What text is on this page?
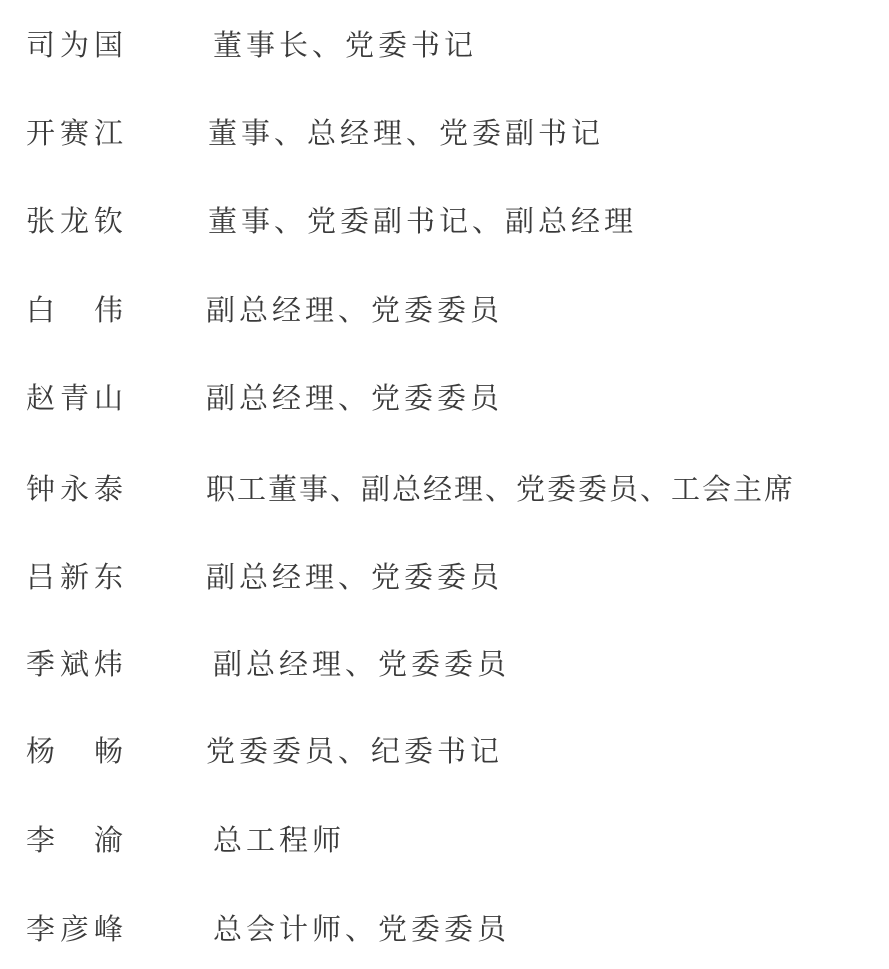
司为国	董事长、党委书记
开赛江	董事、总经理、党委副书记
张龙钦	董事、党委副书记、副总经理
白　伟	副总经理、党委委员
赵青山	副总经理、党委委员
钟永泰	职工董事、副总经理、党委委员、工会主席
吕新东	副总经理、党委委员
季斌炜	副总经理、党委委员
杨　畅	党委委员、纪委书记
李　渝	总工程师
李彦峰	总会计师、党委委员
